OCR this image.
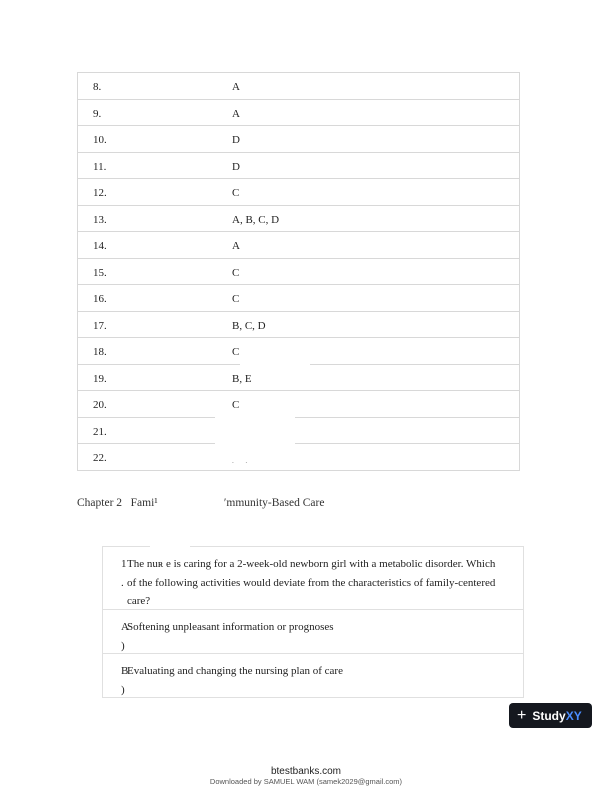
8.	A
9.	A
10.	D
11.	D
12.	C
13.	A, B, C, D
14.	A
15.	C
16.	C
17.	B, C, D
18.	C
19.	B, E
20.	C
21.
22.
Chapter 2   Fami¹                       ′mmunity-Based Care
1
.
The nuʀ e is caring for a 2-week-old newborn girl with a metabolic disorder. Which of the following activities would deviate from the characteristics of family-centered care?
A
)
Softening unpleasant information or prognoses
B
)
Evaluating and changing the nursing plan of care
+ Study XY
btestbanks.com
Downloaded by SAMUEL WAM (samek2029@gmail.com)
